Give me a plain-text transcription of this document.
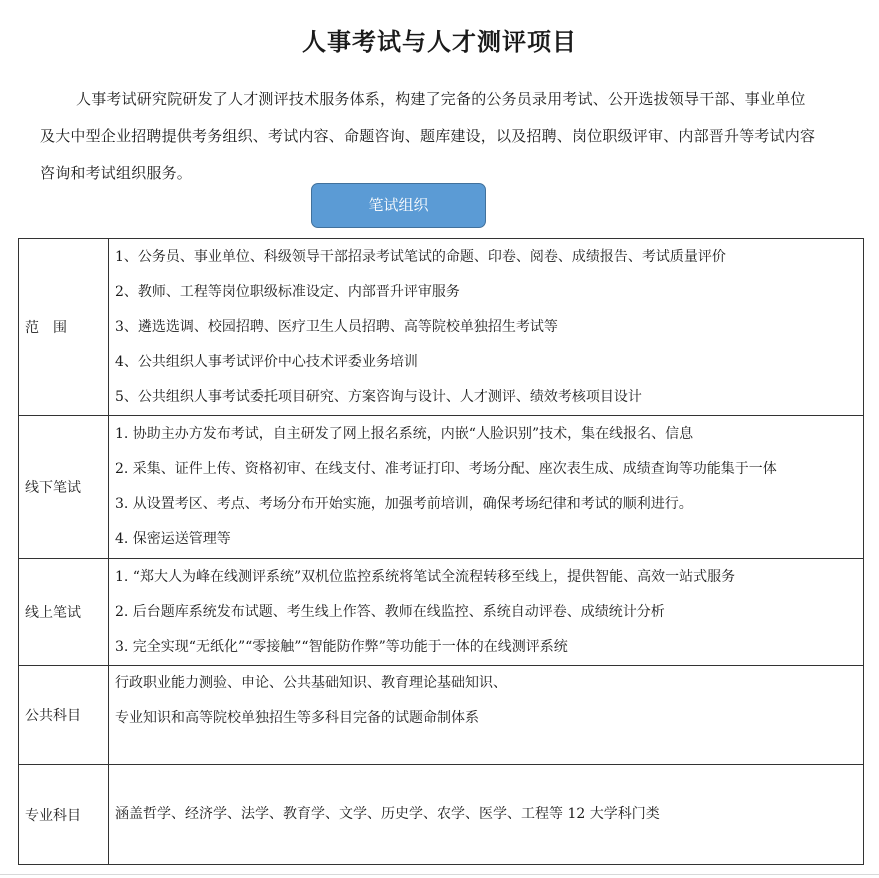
人事考试与人才测评项目
人事考试研究院研发了人才测评技术服务体系，构建了完备的公务员录用考试、公开选拔领导干部、事业单位及大中型企业招聘提供考务组织、考试内容、命题咨询、题库建设，以及招聘、岗位职级评审、内部晋升等考试内容咨询和考试组织服务。
笔试组织
范　围	1、公务员、事业单位、科级领导干部招录考试笔试的命题、印卷、阅卷、成绩报告、考试质量评价
2、教师、工程等岗位职级标准设定、内部晋升评审服务
3、遴选选调、校园招聘、医疗卫生人员招聘、高等院校单独招生考试等
4、公共组织人事考试评价中心技术评委业务培训
5、公共组织人事考试委托项目研究、方案咨询与设计、人才测评、绩效考核项目设计

线下笔试	1. 协助主办方发布考试，自主研发了网上报名系统，内嵌“人脸识别”技术，集在线报名、信息
2. 采集、证件上传、资格初审、在线支付、准考证打印、考场分配、座次表生成、成绩查询等功能集于一体
3. 从设置考区、考点、考场分布开始实施，加强考前培训，确保考场纪律和考试的顺利进行。
4. 保密运送管理等

线上笔试	1. “郑大人为峰在线测评系统”双机位监控系统将笔试全流程转移至线上，提供智能、高效一站式服务
2. 后台题库系统发布试题、考生线上作答、教师在线监控、系统自动评卷、成绩统计分析
3. 完全实现“无纸化”“零接触”“智能防作弊”等功能于一体的在线测评系统

公共科目	行政职业能力测验、申论、公共基础知识、教育理论基础知识、
专业知识和高等院校单独招生等多科目完备的试题命制体系

专业科目	涵盖哲学、经济学、法学、教育学、文学、历史学、农学、医学、工程等 12 大学科门类
